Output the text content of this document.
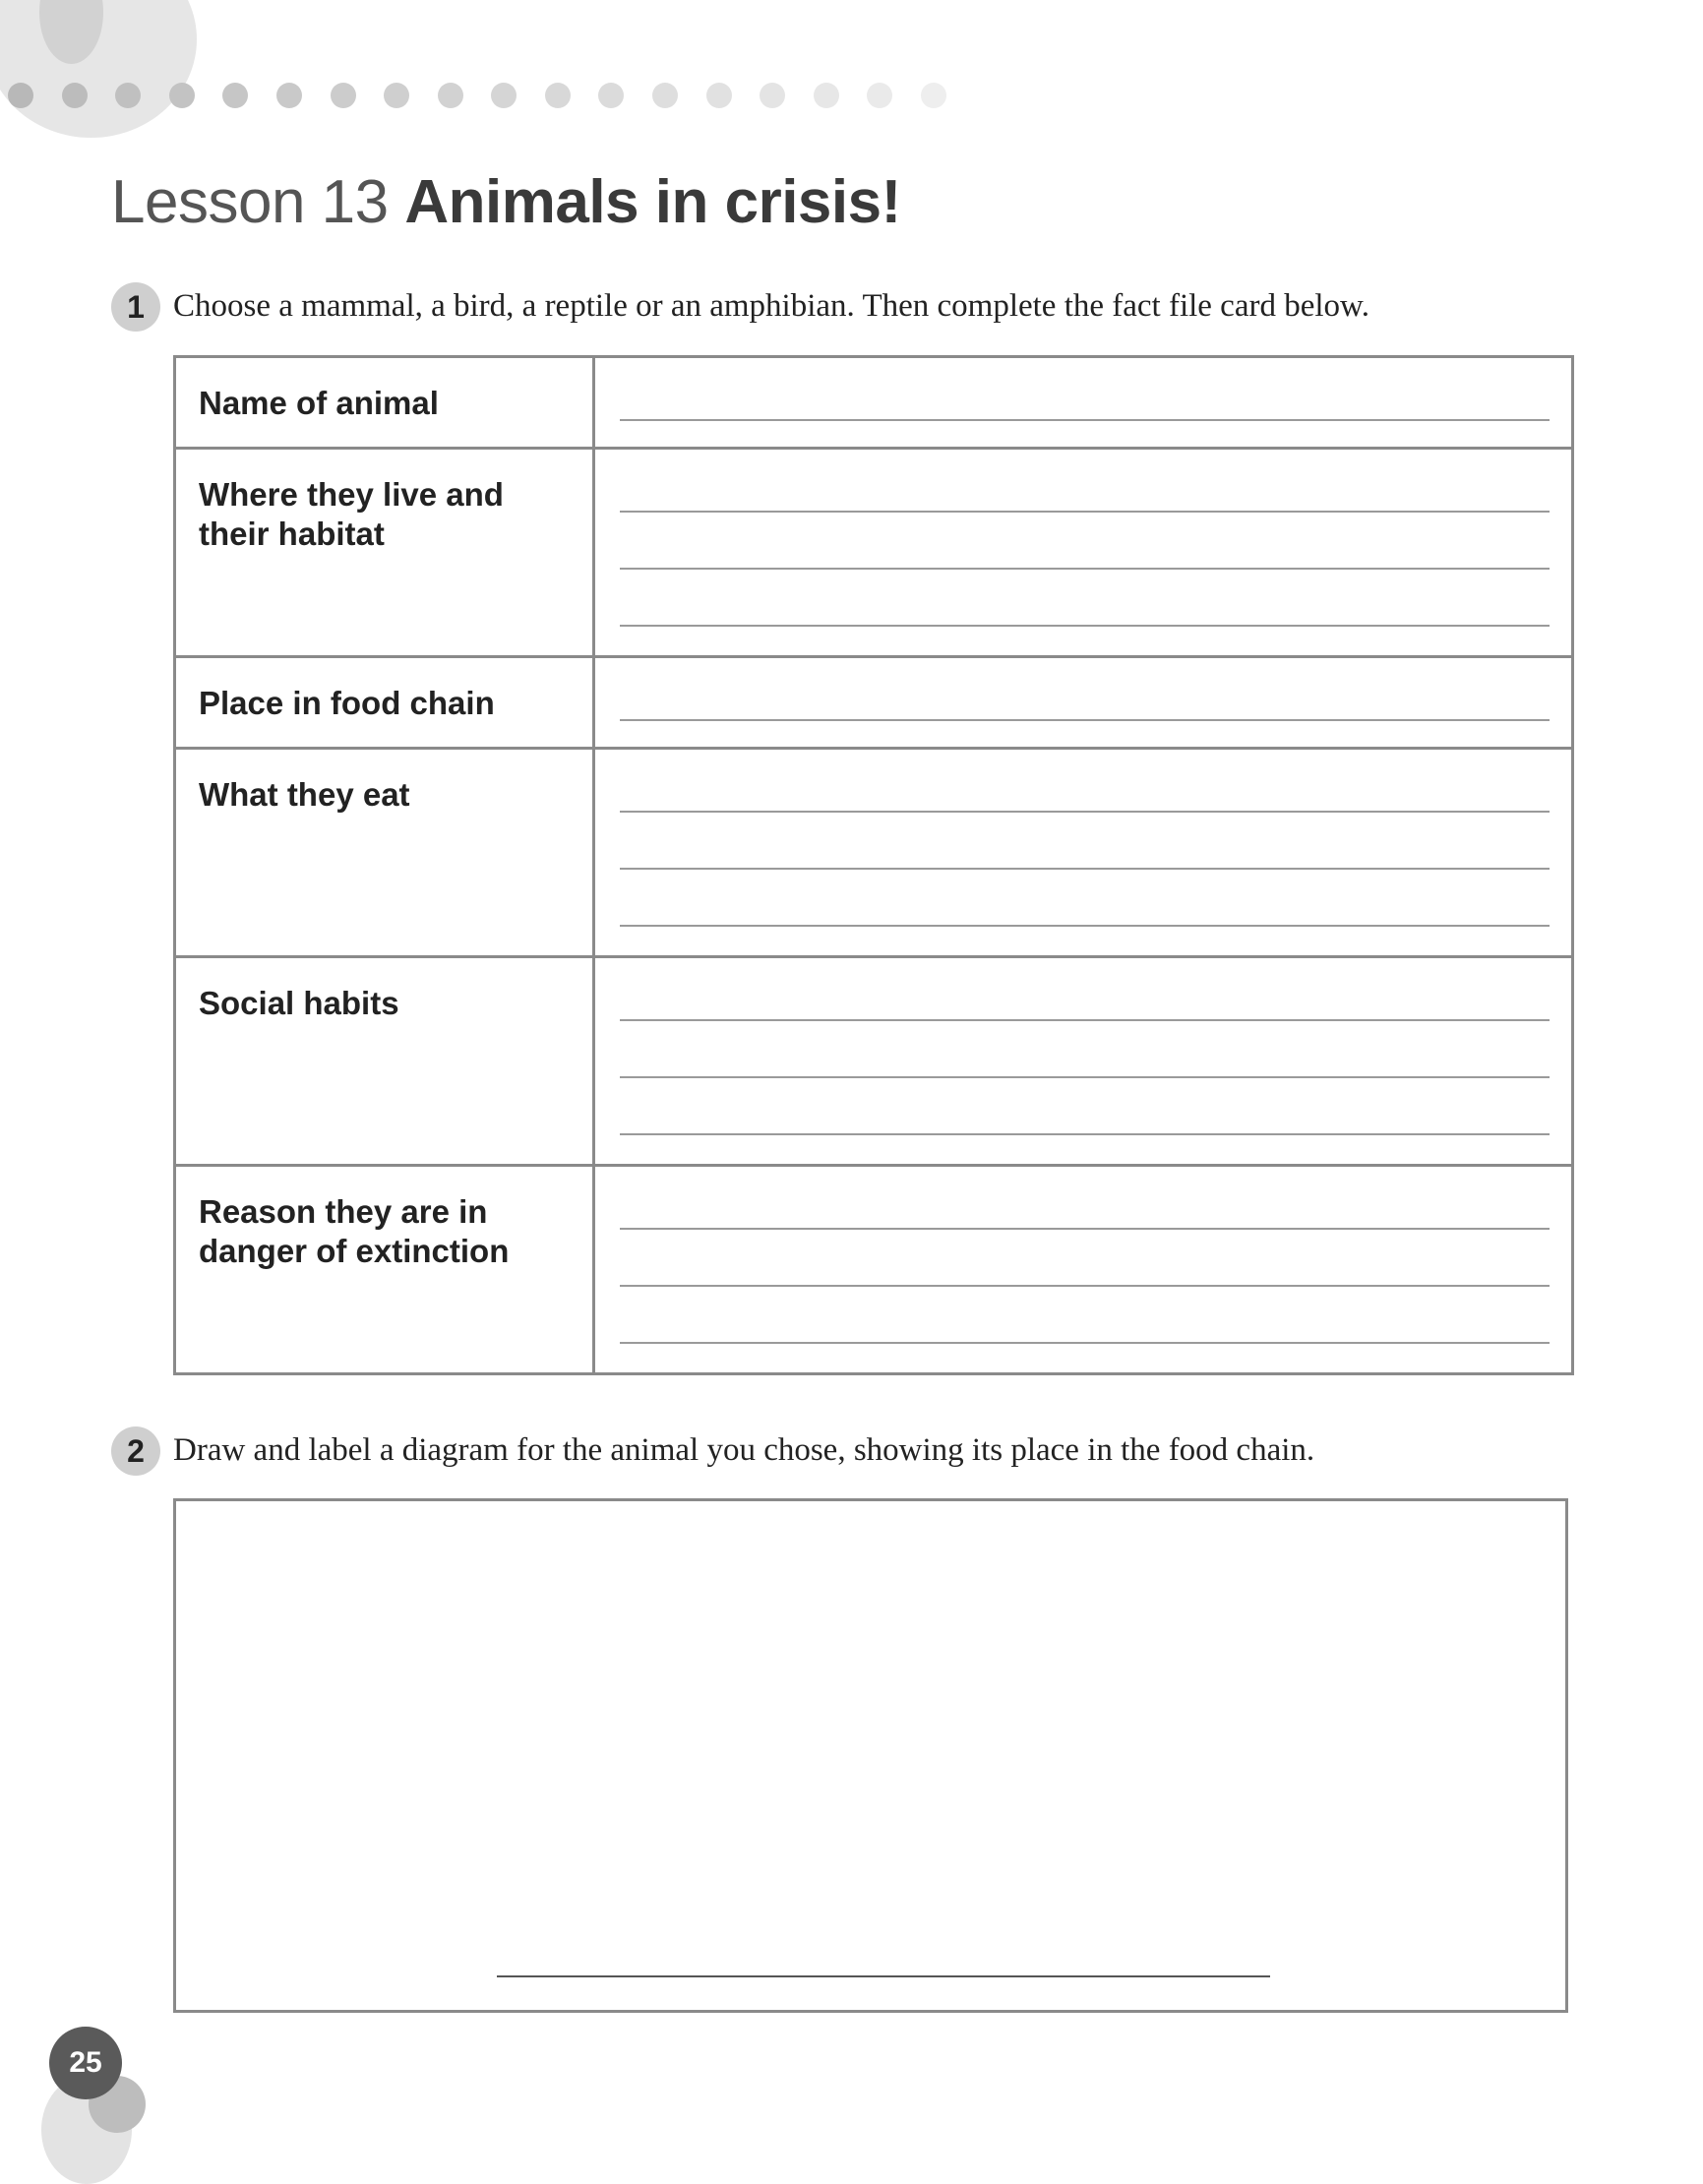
Lesson 13 Animals in crisis!
1 Choose a mammal, a bird, a reptile or an amphibian. Then complete the fact file card below.
Name of animal	

Where they live and their habitat	

Place in food chain	

What they eat	

Social habits	

Reason they are in danger of extinction	
2 Draw and label a diagram for the animal you chose, showing its place in the food chain.
25
